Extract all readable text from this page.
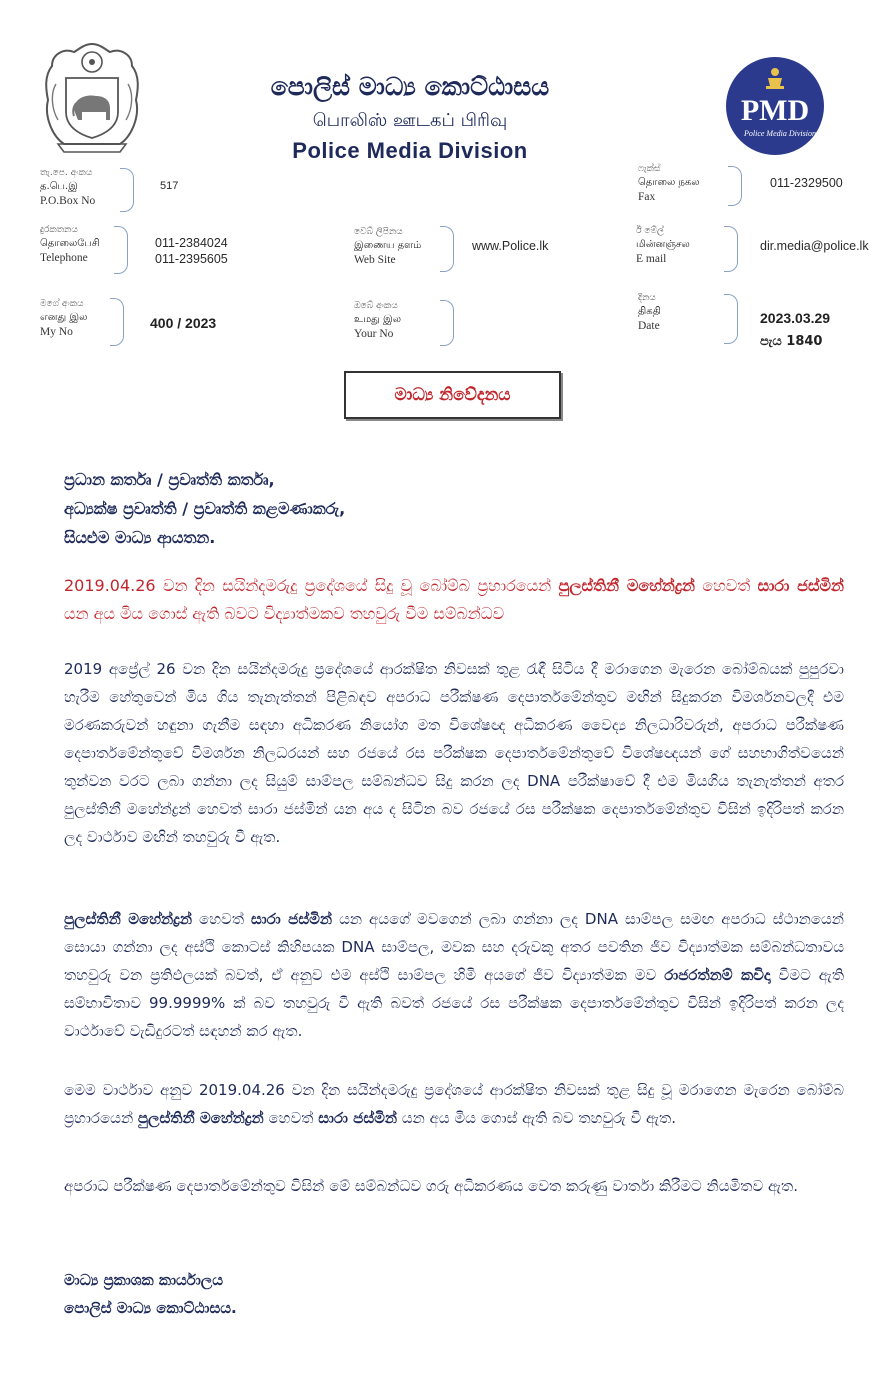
PMD
Police Media Division
පොලිස් මාධ්‍ය කොට්ඨාසය
பொலிஸ் ஊடகப் பிரிவு
Police Media Division
තැ.පෙ. අංකය
த.பெ.இ
P.O.Box No
517
ෆැක්ස්
தொலை நகல
Fax
011-2329500
දුරකතනය
தொலைபேசி
Telephone
011-2384024
011-2395605
වෙබ් ලිපිනය
இணைய தளம்
Web Site
www.Police.lk
ඊ මේල්
மின்னஞ்சல
E mail
dir.media@police.lk
මගේ අංකය
எனது இல
My No
400 / 2023
ඔබේ අංකය
உமது இல
Your No
දිනය
திகதி
Date	2023.03.29
පැය 1840
මාධ්‍ය නිවේදනය
ප්‍රධාන කර්තෘ / ප්‍රවෘත්ති කර්තෘ,
අධ්‍යක්ෂ ප්‍රවෘත්ති / ප්‍රවෘත්ති කළමණාකරු,
සියළුම මාධ්‍ය ආයතන.
2019.04.26 වන දින සයින්දමරුදු ප්‍රදේශයේ සිදු වූ බෝම්බ ප්‍රහාරයෙන් පුලස්තිනී මහේන්ද්‍රන් හෙවත් සාරා ජස්මින් යන අය මිය ගොස් ඇති බවට විද්‍යාත්මකව තහවුරු වීම සම්බන්ධව
2019 අප්‍රේල් 26 වන දින සයින්දමරුදු ප්‍රදේශයේ ආරක්ෂිත නිවසක් තුළ රැඳී සිටිය දී මරාගෙන මැරෙන බෝම්බයක් පුපුරවා හැරීම හේතුවෙන් මිය ගිය තැනැත්තන් පිළිබඳව අපරාධ පරීක්ෂණ දෙපාර්තමේන්තුව මඟින් සිදුකරන විමර්ශනවලදී එම මරණකරුවන් හඳුනා ගැනීම සඳහා අධිකරණ නියෝග මත විශේෂඥ අධිකරණ වෛද්‍ය නිලධාරිවරුන්, අපරාධ පරීක්ෂණ දෙපාර්තමේන්තුවේ විමර්ශන නිලධරයන් සහ රජයේ රස පරීක්ෂක දෙපාර්තමේන්තුවේ විශේෂඥයන් ගේ සහභාගිත්වයෙන් තුන්වන වරට ලබා ගන්නා ලද සියුම් සාම්පල සම්බන්ධව සිදු කරන ලද DNA පරීක්ෂාවේ දී එම මියගිය තැනැත්තන් අතර පුලස්තිනී මහේන්ද්‍රන් හෙවත් සාරා ජස්මින් යන අය ද සිටින බව රජයේ රස පරීක්ෂක දෙපාර්තමේන්තුව විසින් ඉදිරිපත් කරන ලද වාර්ථාව මඟින් තහවුරු වී ඇත.
පුලස්තිනී මහේන්ද්‍රන් හෙවත් සාරා ජස්මින් යන අයගේ මවගෙන් ලබා ගන්නා ලද DNA සාම්පල සමඟ අපරාධ ස්ථානයෙන් සොයා ගන්නා ලද අස්ථි කොටස් කිහිපයක DNA සාම්පල, මවක සහ දරුවකු අතර පවතින ජීව විද්‍යාත්මක සම්බන්ධතාවය තහවුරු වන ප්‍රතිඵලයක් බවත්, ඒ අනුව එම අස්ථි සාම්පල හිමි අයගේ ජීව විද්‍යාත්මක මව රාජරත්නම් කවිදා වීමට ඇති සම්භාවිතාව 99.9999% ක් බව තහවුරු වී ඇති බවත් රජයේ රස පරීක්ෂක දෙපාර්තමේන්තුව විසින් ඉදිරිපත් කරන ලද වාර්ථාවේ වැඩිදුරටත් සඳහන් කර ඇත.
මෙම වාර්ථාව අනුව 2019.04.26 වන දින සයින්දමරුදු ප්‍රදේශයේ ආරක්ෂිත නිවසක් තුළ සිදු වූ මරාගෙන මැරෙන බෝම්බ ප්‍රහාරයෙන් පුලස්තිනී මහේන්ද්‍රන් හෙවත් සාරා ජස්මින් යන අය මිය ගොස් ඇති බව තහවුරු වී ඇත.
අපරාධ පරීක්ෂණ දෙපාර්තමේන්තුව විසින් මේ සම්බන්ධව ගරු අධිකරණය වෙත කරුණු වාර්තා කිරීමට නියමිතව ඇත.
මාධ්‍ය ප්‍රකාශක කාර්යාලය
පොලිස් මාධ්‍ය කොට්ඨාසය.
